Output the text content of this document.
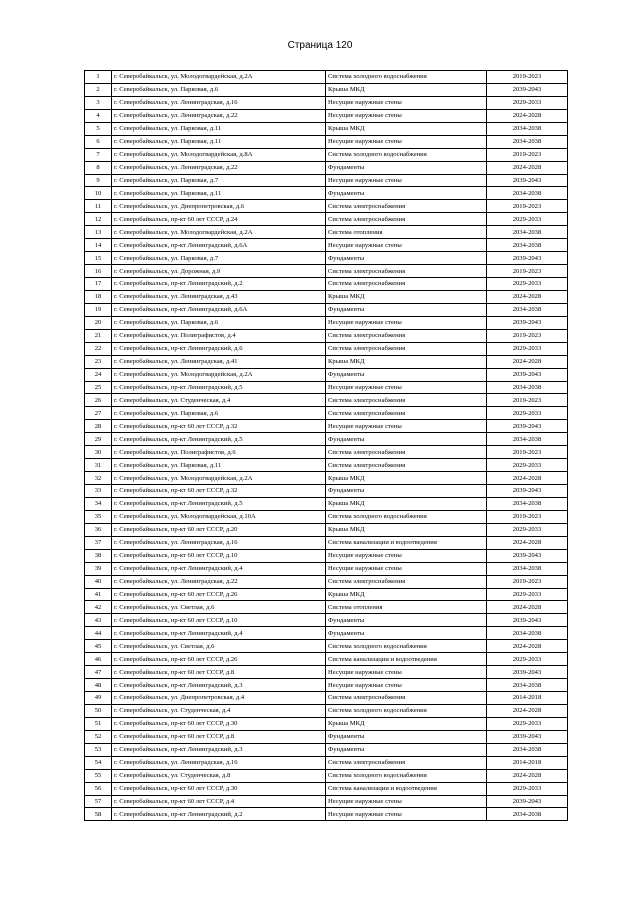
Страница 120
1	г. Северобайкальск, ул. Молодогвардейская, д.2А	Система холодного водоснабжения	2019-2023
2	г. Северобайкальск, ул. Парковая, д.6	Крыша МКД	2039-2043
3	г. Северобайкальск, ул. Ленинградская, д.16	Несущие наружные стены	2029-2033
4	г. Северобайкальск, ул. Ленинградская, д.22	Несущие наружные стены	2024-2028
5	г. Северобайкальск, ул. Парковая, д.11	Крыша МКД	2034-2038
6	г. Северобайкальск, ул. Парковая, д.11	Несущие наружные стены	2034-2038
7	г. Северобайкальск, ул. Молодогвардейская, д.8А	Система холодного водоснабжения	2019-2023
8	г. Северобайкальск, ул. Ленинградская, д.22	Фундаменты	2024-2028
9	г. Северобайкальск, ул. Парковая, д.7	Несущие наружные стены	2039-2043
10	г. Северобайкальск, ул. Парковая, д.11	Фундаменты	2034-2038
11	г. Северобайкальск, ул. Днепропетровская, д.6	Система электроснабжения	2019-2023
12	г. Северобайкальск, пр-кт 60 лет СССР, д.24	Система электроснабжения	2029-2033
13	г. Северобайкальск, ул. Молодогвардейская, д.2А	Система отопления	2034-2038
14	г. Северобайкальск, пр-кт Ленинградский, д.6А	Несущие наружные стены	2034-2038
15	г. Северобайкальск, ул. Парковая, д.7	Фундаменты	2039-2043
16	г. Северобайкальск, ул. Дорожная, д.9	Система электроснабжения	2019-2023
17	г. Северобайкальск, пр-кт Ленинградский, д.2	Система электроснабжения	2029-2033
18	г. Северобайкальск, ул. Ленинградская, д.43	Крыша МКД	2024-2028
19	г. Северобайкальск, пр-кт Ленинградский, д.6А	Фундаменты	2034-2038
20	г. Северобайкальск, ул. Парковая, д.6	Несущие наружные стены	2039-2043
21	г. Северобайкальск, ул. Полиграфистов, д.4	Система электроснабжения	2019-2023
22	г. Северобайкальск, пр-кт Ленинградский, д.6	Система электроснабжения	2029-2033
23	г. Северобайкальск, ул. Ленинградская, д.41	Крыша МКД	2024-2028
24	г. Северобайкальск, ул. Молодогвардейская, д.2А	Фундаменты	2039-2043
25	г. Северобайкальск, пр-кт Ленинградский, д.5	Несущие наружные стены	2034-2038
26	г. Северобайкальск, ул. Студенческая, д.4	Система электроснабжения	2019-2023
27	г. Северобайкальск, ул. Парковая, д.6	Система электроснабжения	2029-2033
28	г. Северобайкальск, пр-кт 60 лет СССР, д.32	Несущие наружные стены	2039-2043
29	г. Северобайкальск, пр-кт Ленинградский, д.5	Фундаменты	2034-2038
30	г. Северобайкальск, ул. Полиграфистов, д.6	Система электроснабжения	2019-2023
31	г. Северобайкальск, ул. Парковая, д.11	Система электроснабжения	2029-2033
32	г. Северобайкальск, ул. Молодогвардейская, д.2А	Крыша МКД	2024-2028
33	г. Северобайкальск, пр-кт 60 лет СССР, д.32	Фундаменты	2039-2043
34	г. Северобайкальск, пр-кт Ленинградский, д.5	Крыша МКД	2034-2038
35	г. Северобайкальск, ул. Молодогвардейская, д.10А	Система холодного водоснабжения	2019-2023
36	г. Северобайкальск, пр-кт 60 лет СССР, д.20	Крыша МКД	2029-2033
37	г. Северобайкальск, ул. Ленинградская, д.16	Система канализации и водоотведения	2024-2028
38	г. Северобайкальск, пр-кт 60 лет СССР, д.10	Несущие наружные стены	2039-2043
39	г. Северобайкальск, пр-кт Ленинградский, д.4	Несущие наружные стены	2034-2038
40	г. Северобайкальск, ул. Ленинградская, д.22	Система электроснабжения	2019-2023
41	г. Северобайкальск, пр-кт 60 лет СССР, д.26	Крыша МКД	2029-2033
42	г. Северобайкальск, ул. Светлая, д.6	Система отопления	2024-2028
43	г. Северобайкальск, пр-кт 60 лет СССР, д.10	Фундаменты	2039-2043
44	г. Северобайкальск, пр-кт Ленинградский, д.4	Фундаменты	2034-2038
45	г. Северобайкальск, ул. Светлая, д.6	Система холодного водоснабжения	2024-2028
46	г. Северобайкальск, пр-кт 60 лет СССР, д.26	Система канализации и водоотведения	2029-2033
47	г. Северобайкальск, пр-кт 60 лет СССР, д.8	Несущие наружные стены	2039-2043
48	г. Северобайкальск, пр-кт Ленинградский, д.3	Несущие наружные стены	2034-2038
49	г. Северобайкальск, ул. Днепропетровская, д.4	Система электроснабжения	2014-2018
50	г. Северобайкальск, ул. Студенческая, д.4	Система холодного водоснабжения	2024-2028
51	г. Северобайкальск, пр-кт 60 лет СССР, д.30	Крыша МКД	2029-2033
52	г. Северобайкальск, пр-кт 60 лет СССР, д.8	Фундаменты	2039-2043
53	г. Северобайкальск, пр-кт Ленинградский, д.3	Фундаменты	2034-2038
54	г. Северобайкальск, ул. Ленинградская, д.16	Система электроснабжения	2014-2018
55	г. Северобайкальск, ул. Студенческая, д.8	Система холодного водоснабжения	2024-2028
56	г. Северобайкальск, пр-кт 60 лет СССР, д.30	Система канализации и водоотведения	2029-2033
57	г. Северобайкальск, пр-кт 60 лет СССР, д.4	Несущие наружные стены	2039-2043
58	г. Северобайкальск, пр-кт Ленинградский, д.2	Несущие наружные стены	2034-2038
